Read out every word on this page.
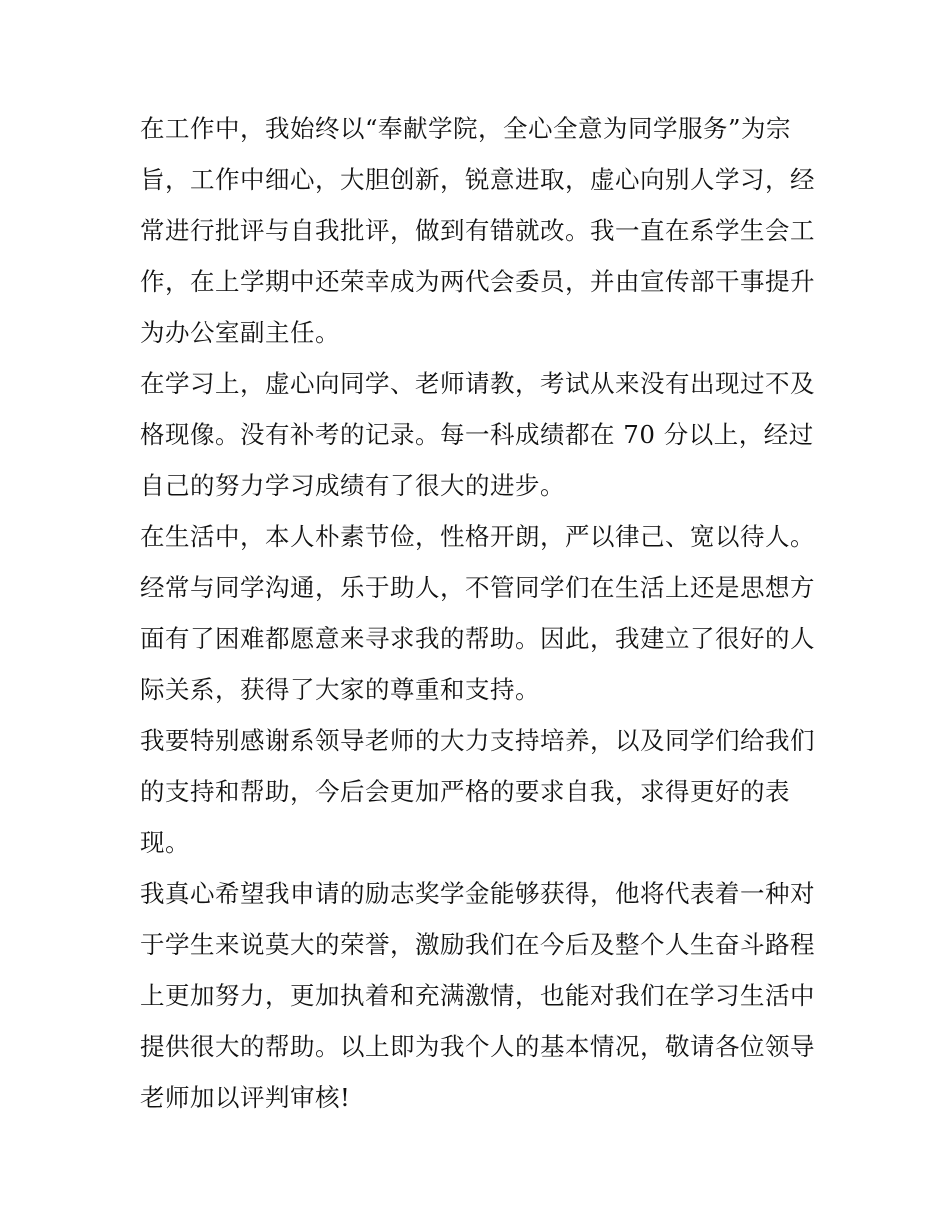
在工作中，我始终以“奉献学院，全心全意为同学服务”为宗
旨，工作中细心，大胆创新，锐意进取，虚心向别人学习，经
常进行批评与自我批评，做到有错就改。我一直在系学生会工
作，在上学期中还荣幸成为两代会委员，并由宣传部干事提升
为办公室副主任。
在学习上，虚心向同学、老师请教，考试从来没有出现过不及
格现像。没有补考的记录。每一科成绩都在 70 分以上，经过
自己的努力学习成绩有了很大的进步。
在生活中，本人朴素节俭，性格开朗，严以律己、宽以待人。
经常与同学沟通，乐于助人，不管同学们在生活上还是思想方
面有了困难都愿意来寻求我的帮助。因此，我建立了很好的人
际关系，获得了大家的尊重和支持。
我要特别感谢系领导老师的大力支持培养，以及同学们给我们
的支持和帮助，今后会更加严格的要求自我，求得更好的表
现。
我真心希望我申请的励志奖学金能够获得，他将代表着一种对
于学生来说莫大的荣誉，激励我们在今后及整个人生奋斗路程
上更加努力，更加执着和充满激情，也能对我们在学习生活中
提供很大的帮助。以上即为我个人的基本情况，敬请各位领导
老师加以评判审核!
